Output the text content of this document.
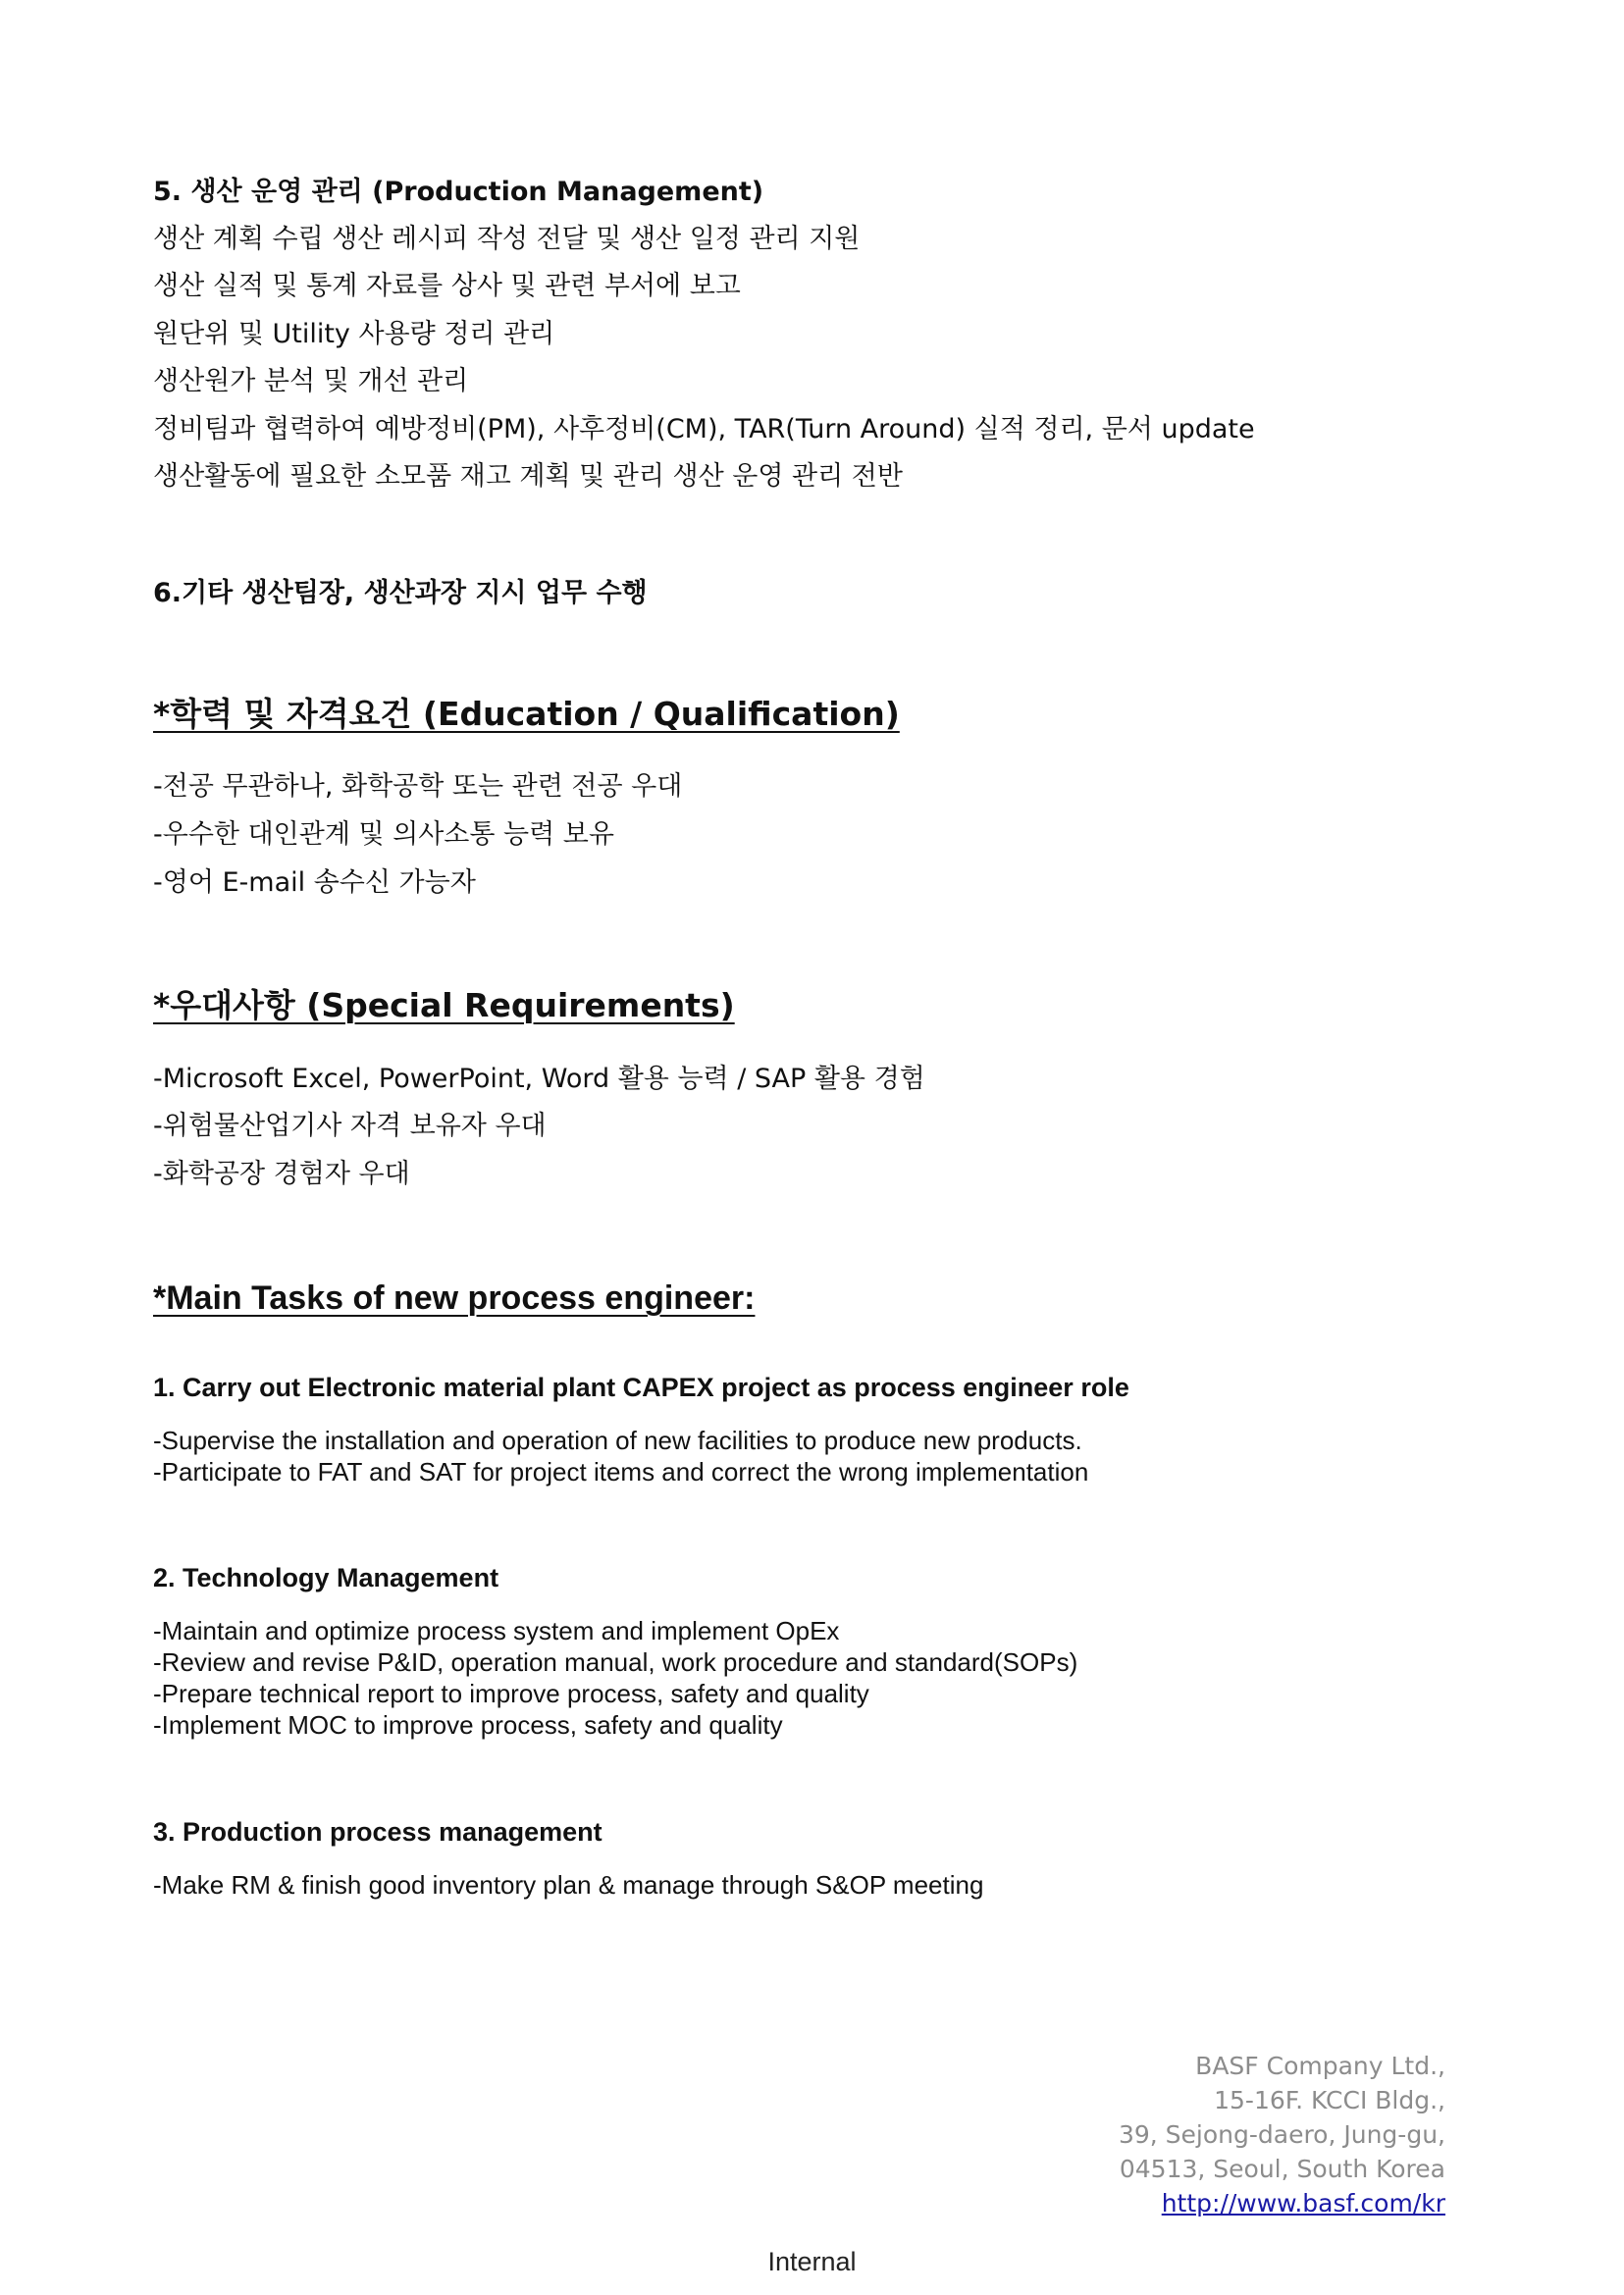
5. 생산 운영 관리 (Production Management)
생산 계획 수립 생산 레시피 작성 전달 및 생산 일정 관리 지원
생산 실적 및 통계 자료를 상사 및 관련 부서에 보고
원단위 및 Utility 사용량 정리 관리
생산원가 분석 및 개선 관리
정비팀과 협력하여 예방정비(PM), 사후정비(CM), TAR(Turn Around) 실적 정리, 문서 update
생산활동에 필요한 소모품 재고 계획 및 관리 생산 운영 관리 전반
6.기타 생산팀장, 생산과장 지시 업무 수행
*학력 및 자격요건 (Education / Qualification)
-전공 무관하나, 화학공학 또는 관련 전공 우대
-우수한 대인관계 및 의사소통 능력 보유
-영어 E-mail 송수신 가능자
*우대사항 (Special Requirements)
-Microsoft Excel, PowerPoint, Word 활용 능력 / SAP 활용 경험
-위험물산업기사 자격 보유자 우대
-화학공장 경험자 우대
*Main Tasks of new process engineer:
1. Carry out Electronic material plant CAPEX project as process engineer role
-Supervise the installation and operation of new facilities to produce new products.
-Participate to FAT and SAT for project items and correct the wrong implementation
2. Technology Management
-Maintain and optimize process system and implement OpEx
-Review and revise P&ID, operation manual, work procedure and standard(SOPs)
-Prepare technical report to improve process, safety and quality
-Implement MOC to improve process, safety and quality
3. Production process management
-Make RM & finish good inventory plan & manage through S&OP meeting
BASF Company Ltd.,
15-16F. KCCI Bldg.,
39, Sejong-daero, Jung-gu,
04513, Seoul, South Korea
http://www.basf.com/kr
Internal
